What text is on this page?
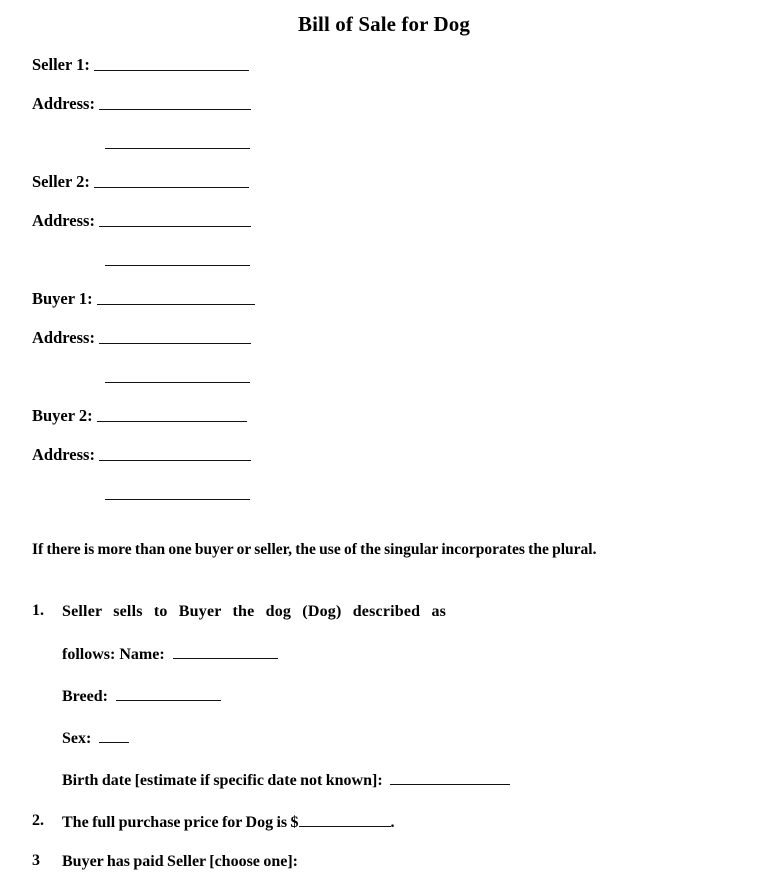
Bill of Sale for Dog
Seller 1:
Address:
Seller 2:
Address:
Buyer 1:
Address:
Buyer 2:
Address:
If there is more than one buyer or seller, the use of the singular incorporates the plural.
1.	Seller sells to Buyer the dog (Dog) described as
follows: Name:
Breed:
Sex:
Birth date [estimate if specific date not known]:
2.	The full purchase price for Dog is $	.
3	Buyer has paid Seller [choose one]:
